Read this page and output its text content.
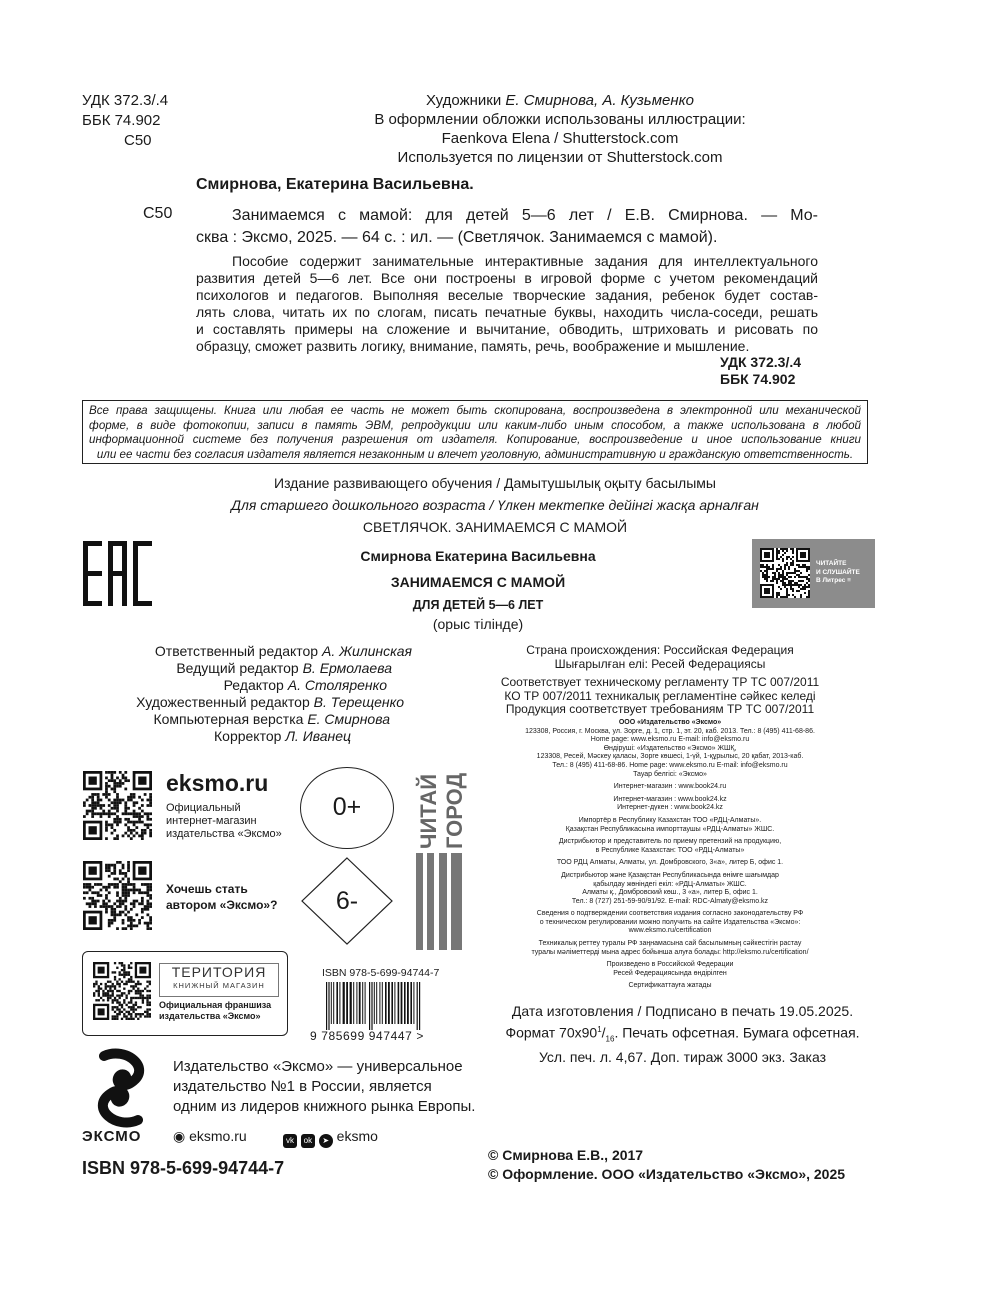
УДК 372.3/.4
ББК 74.902
С50
Художники Е. Смирнова, А. Кузьменко
В оформлении обложки использованы иллюстрации:
Faenkova Elena / Shutterstock.com
Используется по лицензии от Shutterstock.com
Смирнова, Екатерина Васильевна.
С50	Занимаемся с мамой: для детей 5—6 лет / Е.В. Смирнова. — Мо-
сква : Эксмо, 2025. — 64 с. : ил. — (Светлячок. Занимаемся с мамой).
Пособие содержит занимательные интерактивные задания для интеллектуального
развития детей 5—6 лет. Все они построены в игровой форме с учетом рекомендаций
психологов и педагогов. Выполняя веселые творческие задания, ребенок будет состав-
лять слова, читать их по слогам, писать печатные буквы, находить числа-соседи, решать
и составлять примеры на сложение и вычитание, обводить, штриховать и рисовать по
образцу, сможет развить логику, внимание, память, речь, воображение и мышление.
УДК 372.3/.4
ББК 74.902
Все права защищены. Книга или любая ее часть не может быть скопирована, воспроизведена в электронной или механической
форме, в виде фотокопии, записи в память ЭВМ, репродукции или каким-либо иным способом, а также использована в любой
информационной системе без получения разрешения от издателя. Копирование, воспроизведение и иное использование книги
или ее части без согласия издателя является незаконным и влечет уголовную, административную и гражданскую ответственность.
Издание развивающего обучения / Дамытушылық оқыту басылымы
Для старшего дошкольного возраста / Үлкен мектепке дейінгі жасқа арналған
СВЕТЛЯЧОК. ЗАНИМАЕМСЯ С МАМОЙ
Смирнова Екатерина Васильевна
ЗАНИМАЕМСЯ С МАМОЙ
ДЛЯ ДЕТЕЙ 5—6 ЛЕТ
(орыс тілінде)
ЧИТАЙТЕ
И СЛУШАЙТЕ
В Литрес ≡
Ответственный редактор А. Жилинская
Ведущий редактор В. Ермолаева
Редактор А. Столяренко
Художественный редактор В. Терещенко
Компьютерная верстка Е. Смирнова
Корректор Л. Иванец
Страна происхождения: Российская Федерация
Шығарылған елі: Ресей Федерациясы
Соответствует техническому регламенту ТР ТС 007/2011
КО ТР 007/2011 техникалық регламентіне сәйкес келеді
Продукция соответствует требованиям ТР ТС 007/2011
ООО «Издательство «Эксмо»
123308, Россия, г. Москва, ул. Зорге, д. 1, стр. 1, эт. 20, каб. 2013. Тел.: 8 (495) 411-68-86.
Home page: www.eksmo.ru E-mail: info@eksmo.ru
Өндіруші: «Издательство «Эксмо» ЖШҚ,
123308, Ресей, Мәскеу қаласы, Зорге көшесі, 1-үй, 1-құрылыс, 20 қабат, 2013-каб.
Тел.: 8 (495) 411-68-86. Home page: www.eksmo.ru E-mail: info@eksmo.ru
Тауар белгісі: «Эксмо»
Интернет-магазин : www.book24.ru
Интернет-магазин : www.book24.kz
Интернет-дүкен : www.book24.kz
Импортёр в Республику Казахстан ТОО «РДЦ-Алматы».
Қазақстан Республикасына импорттаушы «РДЦ-Алматы» ЖШС.
Дистрибьютор и представитель по приему претензий на продукцию,
в Республике Казахстан: ТОО «РДЦ-Алматы»
ТОО РДЦ Алматы, Алматы, ул. Домбровского, 3«а», литер Б, офис 1.
Дистрибьютор және Қазақстан Республикасында өнімге шағымдар
қабылдау жөніндегі екіл: «РДЦ-Алматы» ЖШС.
Алматы қ., Домбровский көш., 3 «а», литер Б, офис 1.
Тел.: 8 (727) 251-59-90/91/92. E-mail: RDC-Almaty@eksmo.kz
Сведения о подтверждении соответствия издания согласно законодательству РФ
о техническом регулировании можно получить на сайте Издательства «Эксмо»:
www.eksmo.ru/certification
Техникалық реттеу туралы РФ заңнамасына сай басылымның сәйкестігін растау
туралы мәліметтерді мына адрес бойынша алуға болады: http://eksmo.ru/certification/
Произведено в Российской Федерации
Ресей Федерациясында өндірілген
Сертификаттауға жатады
eksmo.ru
Официальный
интернет-магазин
издательства «Эксмо»
Хочешь стать
автором «Эксмо»?
0+
6-
ЧИТАЙ ГОРОД
ТЕРИТОРИЯ
КНИЖНЫЙ МАГАЗИН
Официальная франшиза
издательства «Эксмо»
ISBN 978-5-699-94744-7
9 785699 947447 >
Дата изготовления / Подписано в печать 19.05.2025.
Формат $70x90^1/_{16}$. Печать офсетная. Бумага офсетная.
Усл. печ. л. 4,67. Доп. тираж 3000 экз. Заказ
ЭКСМО
Издательство «Эксмо» — универсальное
издательство №1 в России, является
одним из лидеров книжного рынка Европы.
◉ eksmo.ru	vk ok ➤ eksmo
ISBN 978-5-699-94744-7
© Смирнова Е.В., 2017
© Оформление. ООО «Издательство «Эксмо», 2025
